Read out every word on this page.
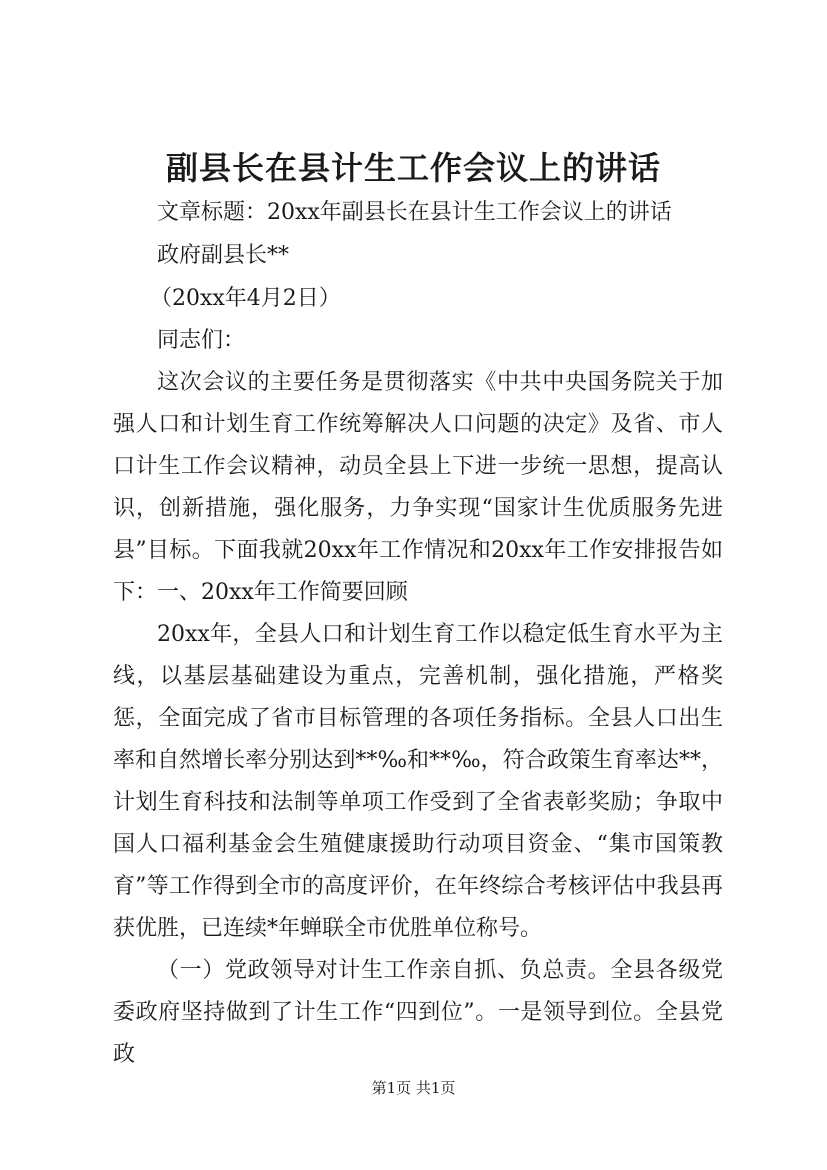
副县长在县计生工作会议上的讲话
文章标题：20xx年副县长在县计生工作会议上的讲话
政府副县长**
（20xx年4月2日）
同志们：

这次会议的主要任务是贯彻落实《中共中央国务院关于加强人口和计划生育工作统筹解决人口问题的决定》及省、市人口计生工作会议精神，动员全县上下进一步统一思想，提高认识，创新措施，强化服务，力争实现“国家计生优质服务先进县”目标。下面我就20xx年工作情况和20xx年工作安排报告如下： 一、20xx年工作简要回顾

20xx年，全县人口和计划生育工作以稳定低生育水平为主线，以基层基础建设为重点，完善机制，强化措施，严格奖惩，全面完成了省市目标管理的各项任务指标。全县人口出生率和自然增长率分别达到**‰和**‰，符合政策生育率达**，计划生育科技和法制等单项工作受到了全省表彰奖励；争取中国人口福利基金会生殖健康援助行动项目资金、“集市国策教育”等工作得到全市的高度评价，在年终综合考核评估中我县再获优胜，已连续*年蝉联全市优胜单位称号。

（一）党政领导对计生工作亲自抓、负总责。全县各级党委政府坚持做到了计生工作“四到位”。一是领导到位。全县党政

第1页 共1页
